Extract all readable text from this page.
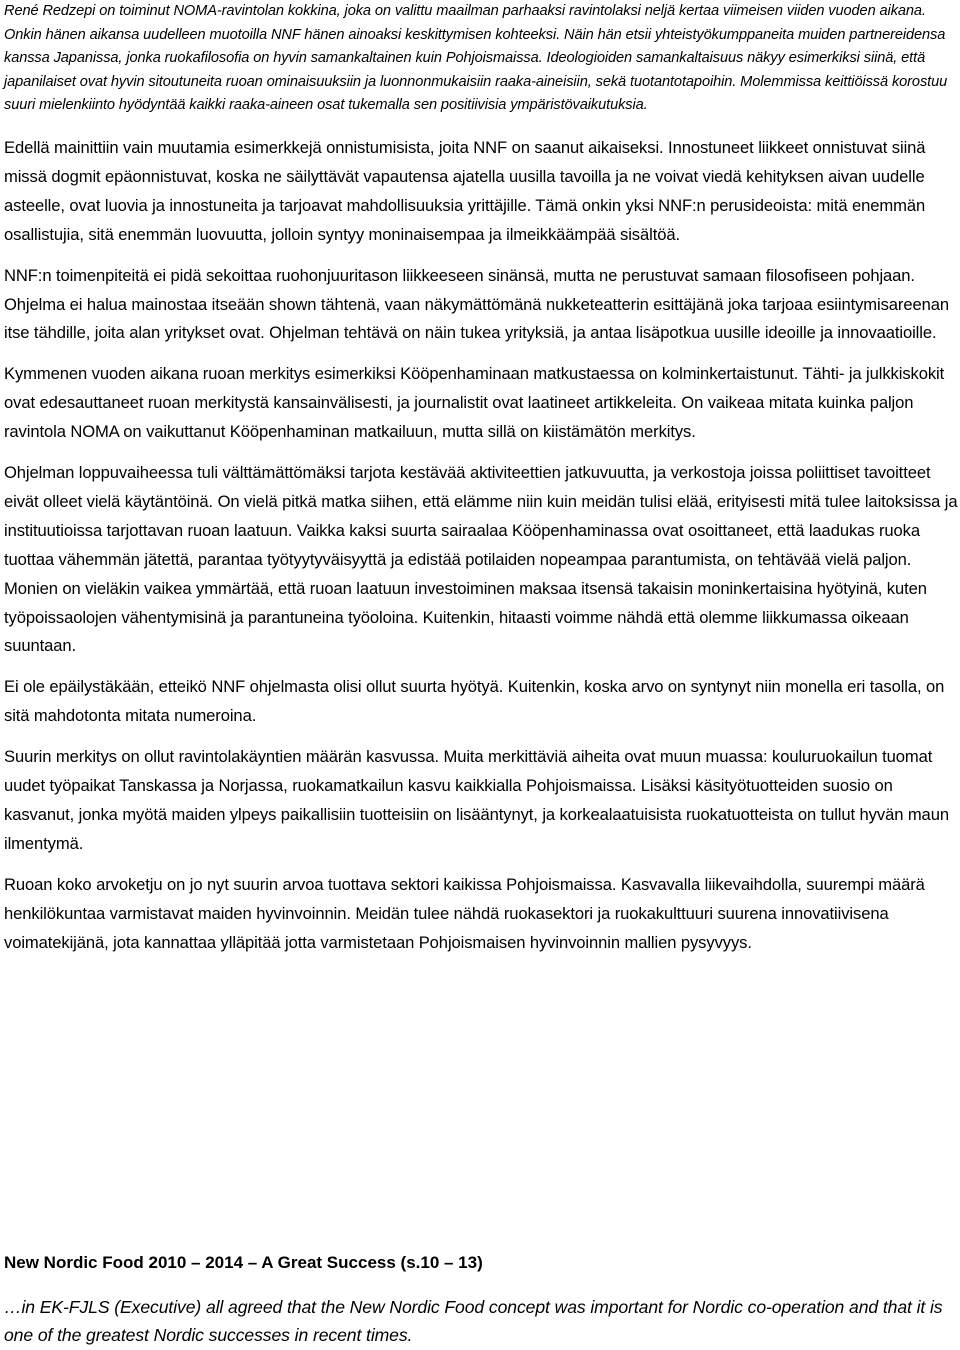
René Redzepi on toiminut NOMA-ravintolan kokkina, joka on valittu maailman parhaaksi ravintolaksi neljä kertaa viimeisen viiden vuoden aikana. Onkin hänen aikansa uudelleen muotoilla NNF hänen ainoaksi keskittymisen kohteeksi. Näin hän etsii yhteistyökumppaneita muiden partnereidensa kanssa Japanissa, jonka ruokafilosofia on hyvin samankaltainen kuin Pohjoismaissa. Ideologioiden samankaltaisuus näkyy esimerkiksi siinä, että japanilaiset ovat hyvin sitoutuneita ruoan ominaisuuksiin ja luonnonmukaisiin raaka-aineisiin, sekä tuotantotapoihin. Molemmissa keittiöissä korostuu suuri mielenkiinto hyödyntää kaikki raaka-aineen osat tukemalla sen positiivisia ympäristövaikutuksia.

Edellä mainittiin vain muutamia esimerkkejä onnistumisista, joita NNF on saanut aikaiseksi. Innostuneet liikkeet onnistuvat siinä missä dogmit epäonnistuvat, koska ne säilyttävät vapautensa ajatella uusilla tavoilla ja ne voivat viedä kehityksen aivan uudelle asteelle, ovat luovia ja innostuneita ja tarjoavat mahdollisuuksia yrittäjille. Tämä onkin yksi NNF:n perusideoista: mitä enemmän osallistujia, sitä enemmän luovuutta, jolloin syntyy moninaisempaa ja ilmeikkäämpää sisältöä.

NNF:n toimenpiteitä ei pidä sekoittaa ruohonjuuritason liikkeeseen sinänsä, mutta ne perustuvat samaan filosofiseen pohjaan. Ohjelma ei halua mainostaa itseään shown tähtenä, vaan näkymättömänä nukketeatterin esittäjänä joka tarjoaa esiintymisareenan itse tähdille, joita alan yritykset ovat. Ohjelman tehtävä on näin tukea yrityksiä, ja antaa lisäpotkua uusille ideoille ja innovaatioille.

Kymmenen vuoden aikana ruoan merkitys esimerkiksi Kööpenhaminaan matkustaessa on kolminkertaistunut. Tähti- ja julkkiskokit ovat edesauttaneet ruoan merkitystä kansainvälisesti, ja journalistit ovat laatineet artikkeleita. On vaikeaa mitata kuinka paljon ravintola NOMA on vaikuttanut Kööpenhaminan matkailuun, mutta sillä on kiistämätön merkitys.

Ohjelman loppuvaiheessa tuli välttämättömäksi tarjota kestävää aktiviteettien jatkuvuutta, ja verkostoja joissa poliittiset tavoitteet eivät olleet vielä käytäntöinä. On vielä pitkä matka siihen, että elämme niin kuin meidän tulisi elää, erityisesti mitä tulee laitoksissa ja instituutioissa tarjottavan ruoan laatuun. Vaikka kaksi suurta sairaalaa Kööpenhaminassa ovat osoittaneet, että laadukas ruoka tuottaa vähemmän jätettä, parantaa työtyytyväisyyttä ja edistää potilaiden nopeampaa parantumista, on tehtävää vielä paljon. Monien on vieläkin vaikea ymmärtää, että ruoan laatuun investoiminen maksaa itsensä takaisin moninkertaisina hyötyinä, kuten työpoissaolojen vähentymisinä ja parantuneina työoloina. Kuitenkin, hitaasti voimme nähdä että olemme liikkumassa oikeaan suuntaan.

Ei ole epäilystäkään, etteikö NNF ohjelmasta olisi ollut suurta hyötyä. Kuitenkin, koska arvo on syntynyt niin monella eri tasolla, on sitä mahdotonta mitata numeroina.

Suurin merkitys on ollut ravintolakäyntien määrän kasvussa. Muita merkittäviä aiheita ovat muun muassa: kouluruokailun tuomat uudet työpaikat Tanskassa ja Norjassa, ruokamatkailun kasvu kaikkialla Pohjoismaissa. Lisäksi käsityötuotteiden suosio on kasvanut, jonka myötä maiden ylpeys paikallisiin tuotteisiin on lisääntynyt, ja korkealaatuisista ruokatuotteista on tullut hyvän maun ilmentymä.

Ruoan koko arvoketju on jo nyt suurin arvoa tuottava sektori kaikissa Pohjoismaissa. Kasvavalla liikevaihdolla, suurempi määrä henkilökuntaa varmistavat maiden hyvinvoinnin. Meidän tulee nähdä ruokasektori ja ruokakulttuuri suurena innovatiivisena voimatekijänä, jota kannattaa ylläpitää jotta varmistetaan Pohjoismaisen hyvinvoinnin mallien pysyvyys.

New Nordic Food 2010 – 2014 – A Great Success (s.10 – 13)

…in EK-FJLS (Executive) all agreed that the New Nordic Food concept was important for Nordic co-operation and that it is one of the greatest Nordic successes in recent times.
